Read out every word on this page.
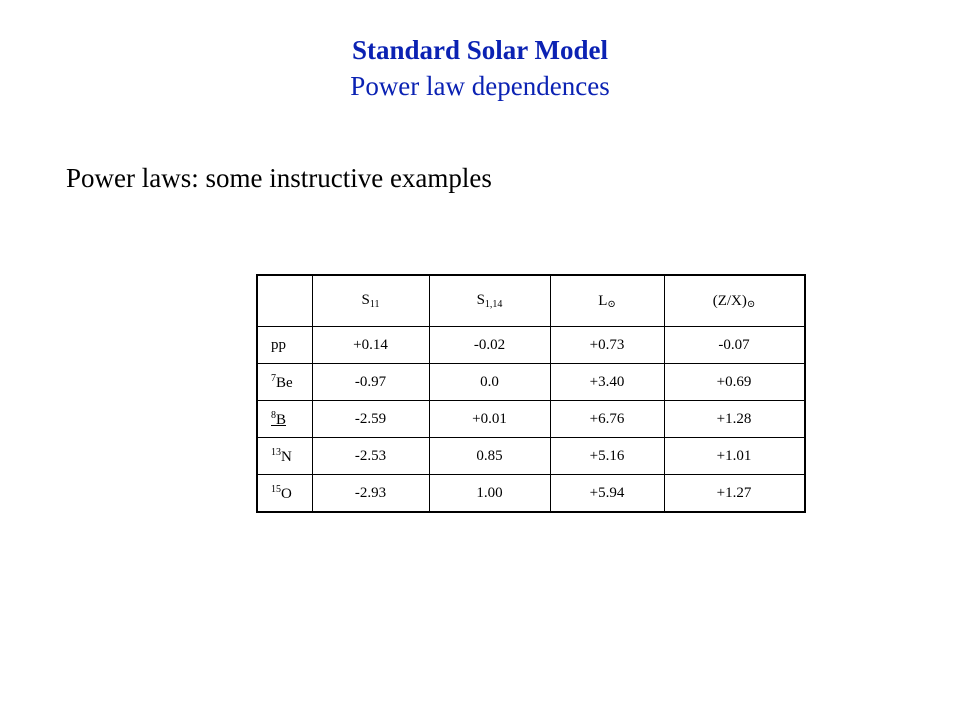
Standard Solar Model
Power law dependences
Power laws: some instructive examples
	$S_{11}$	$S_{1,14}$	L⊙	(Z/X)⊙
pp	+0.14	-0.02	+0.73	-0.07
$^7$Be	-0.97	0.0	+3.40	+0.69
$^8$B	-2.59	+0.01	+6.76	+1.28
$^{13}$N	-2.53	0.85	+5.16	+1.01
$^{15}$O	-2.93	1.00	+5.94	+1.27
